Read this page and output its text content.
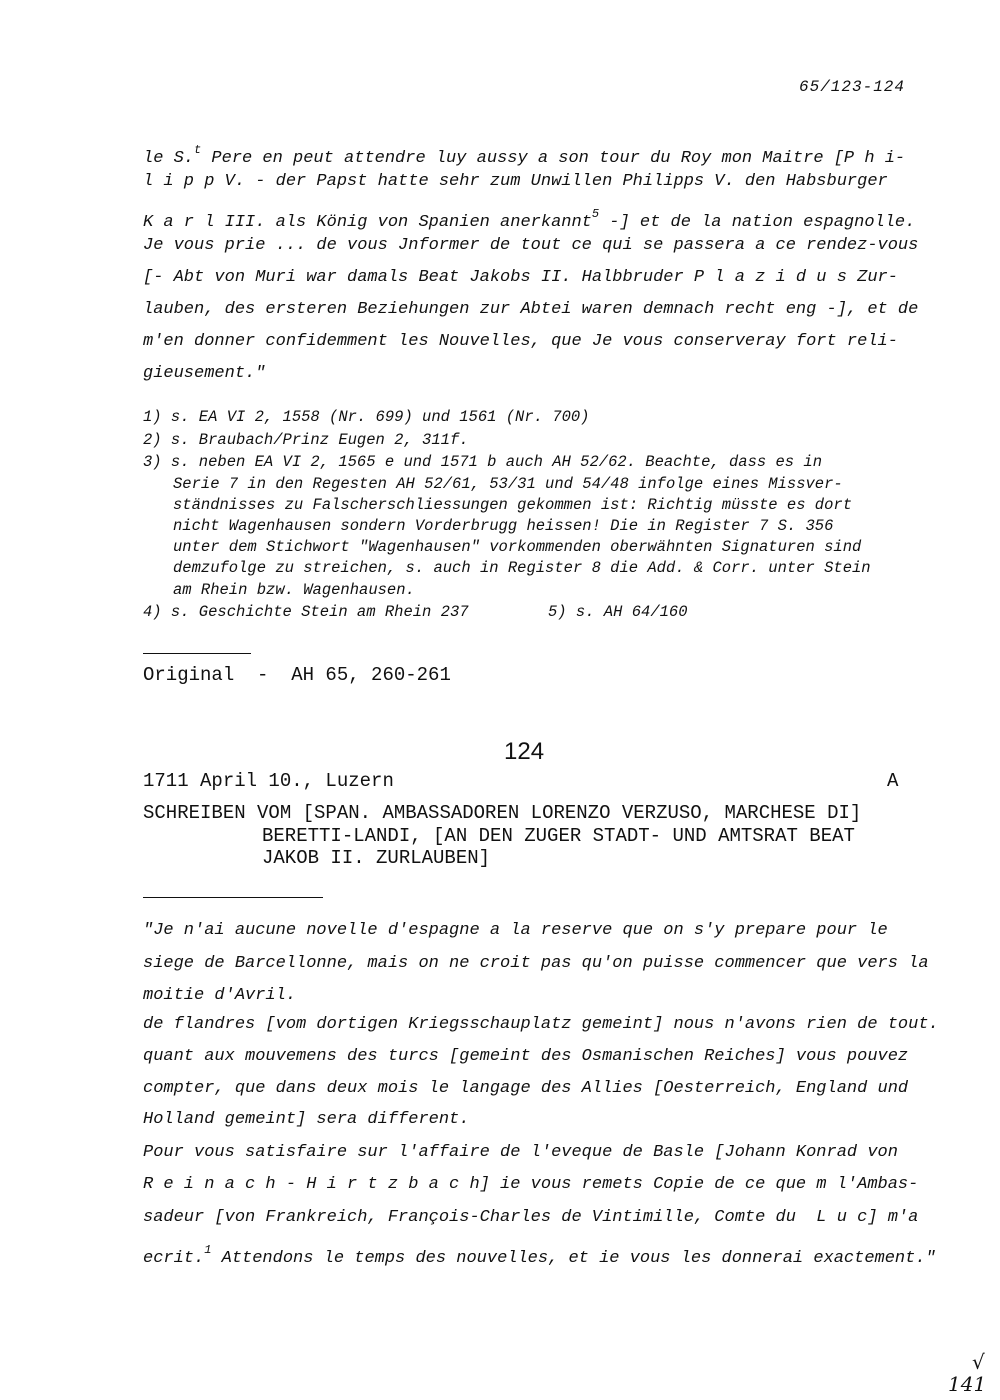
65/123-124
le S.$^t$ Pere en peut attendre luy aussy a son tour du Roy mon Maitre [P h i-
l i p p V. - der Papst hatte sehr zum Unwillen Philipps V. den Habsburger
K a r l III. als König von Spanien anerkannt$^5$ -] et de la nation espagnolle.
Je vous prie ... de vous Jnformer de tout ce qui se passera a ce rendez-vous
[- Abt von Muri war damals Beat Jakobs II. Halbbruder P l a z i d u s Zur-
lauben, des ersteren Beziehungen zur Abtei waren demnach recht eng -], et de
m'en donner confidemment les Nouvelles, que Je vous conserveray fort reli-
gieusement."
1) s. EA VI 2, 1558 (Nr. 699) und 1561 (Nr. 700)
2) s. Braubach/Prinz Eugen 2, 311f.
3) s. neben EA VI 2, 1565 e und 1571 b auch AH 52/62. Beachte, dass es in
Serie 7 in den Regesten AH 52/61, 53/31 und 54/48 infolge eines Missver-
ständnisses zu Falscherschliessungen gekommen ist: Richtig müsste es dort
nicht Wagenhausen sondern Vorderbrugg heissen! Die in Register 7 S. 356
unter dem Stichwort "Wagenhausen" vorkommenden oberwähnten Signaturen sind
demzufolge zu streichen, s. auch in Register 8 die Add. & Corr. unter Stein
am Rhein bzw. Wagenhausen.
4) s. Geschichte Stein am Rhein 237	5) s. AH 64/160
Original  -  AH 65, 260-261
124
1711 April 10., Luzern	A
SCHREIBEN VOM [SPAN. AMBASSADOREN LORENZO VERZUSO, MARCHESE DI]
BERETTI-LANDI, [AN DEN ZUGER STADT- UND AMTSRAT BEAT
JAKOB II. ZURLAUBEN]
"Je n'ai aucune novelle d'espagne a la reserve que on s'y prepare pour le
siege de Barcellonne, mais on ne croit pas qu'on puisse commencer que vers la
moitie d'Avril.
de flandres [vom dortigen Kriegsschauplatz gemeint] nous n'avons rien de tout.
quant aux mouvemens des turcs [gemeint des Osmanischen Reiches] vous pouvez
compter, que dans deux mois le langage des Allies [Oesterreich, England und
Holland gemeint] sera different.
Pour vous satisfaire sur l'affaire de l'eveque de Basle [Johann Konrad von
R e i n a c h - H i r t z b a c h] ie vous remets Copie de ce que m l'Ambas-
sadeur [von Frankreich, François-Charles de Vintimille, Comte du  L u c] m'a
ecrit.$^1$ Attendons le temps des nouvelles, et ie vous les donnerai exactement."
√
141
